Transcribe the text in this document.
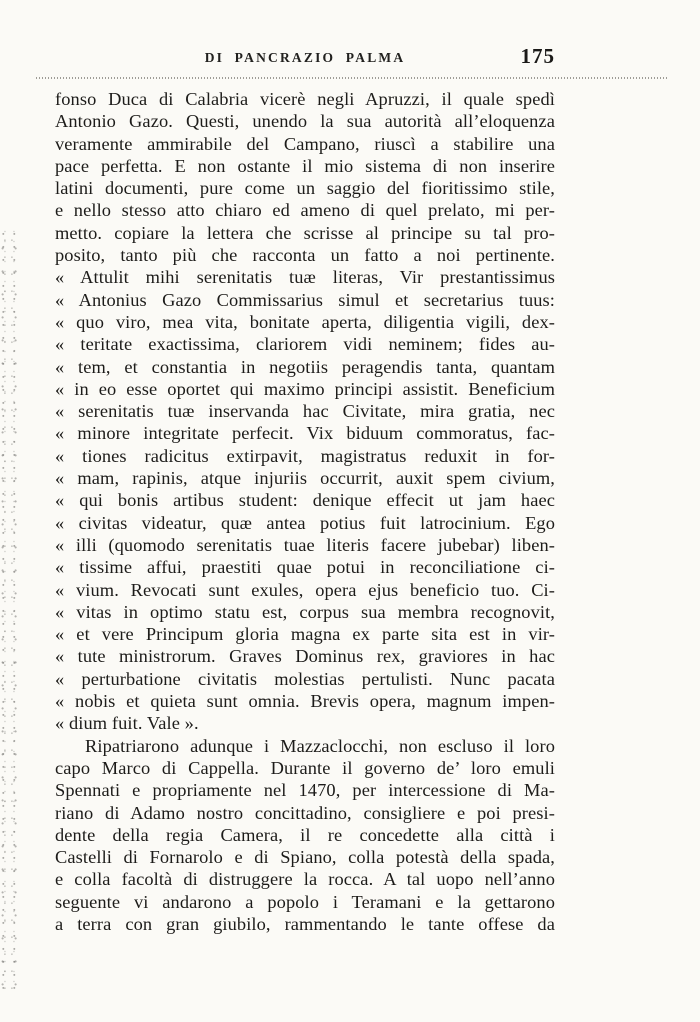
DI PANCRAZIO PALMA	175
fonso Duca di Calabria vicerè negli Apruzzi, il quale spedì
Antonio Gazo. Questi, unendo la sua autorità all’eloquenza
veramente ammirabile del Campano, riuscì a stabilire una
pace perfetta. E non ostante il mio sistema di non inserire
latini documenti, pure come un saggio del fioritissimo stile,
e nello stesso atto chiaro ed ameno di quel prelato, mi per-
metto. copiare la lettera che scrisse al principe su tal pro-
posito, tanto più che racconta un fatto a noi pertinente.
« Attulit mihi serenitatis tuæ literas, Vir prestantissimus
« Antonius Gazo Commissarius simul et secretarius tuus:
« quo viro, mea vita, bonitate aperta, diligentia vigili, dex-
« teritate exactissima, clariorem vidi neminem; fides au-
« tem, et constantia in negotiis peragendis tanta, quantam
« in eo esse oportet qui maximo principi assistit. Beneficium
« serenitatis tuæ inservanda hac Civitate, mira gratia, nec
« minore integritate perfecit. Vix biduum commoratus, fac-
« tiones radicitus extirpavit, magistratus reduxit in for-
« mam, rapinis, atque injuriis occurrit, auxit spem civium,
« qui bonis artibus student: denique effecit ut jam haec
« civitas videatur, quæ antea potius fuit latrocinium. Ego
« illi (quomodo serenitatis tuae literis facere jubebar) liben-
« tissime affui, praestiti quae potui in reconciliatione ci-
« vium. Revocati sunt exules, opera ejus beneficio tuo. Ci-
« vitas in optimo statu est, corpus sua membra recognovit,
« et vere Principum gloria magna ex parte sita est in vir-
« tute ministrorum. Graves Dominus rex, graviores in hac
« perturbatione civitatis molestias pertulisti. Nunc pacata
« nobis et quieta sunt omnia. Brevis opera, magnum impen-
« dium fuit. Vale ».
Ripatriarono adunque i Mazzaclocchi, non escluso il loro
capo Marco di Cappella. Durante il governo de’ loro emuli
Spennati e propriamente nel 1470, per intercessione di Ma-
riano di Adamo nostro concittadino, consigliere e poi presi-
dente della regia Camera, il re concedette alla città i
Castelli di Fornarolo e di Spiano, colla potestà della spada,
e colla facoltà di distruggere la rocca. A tal uopo nell’anno
seguente vi andarono a popolo i Teramani e la gettarono
a terra con gran giubilo, rammentando le tante offese da
